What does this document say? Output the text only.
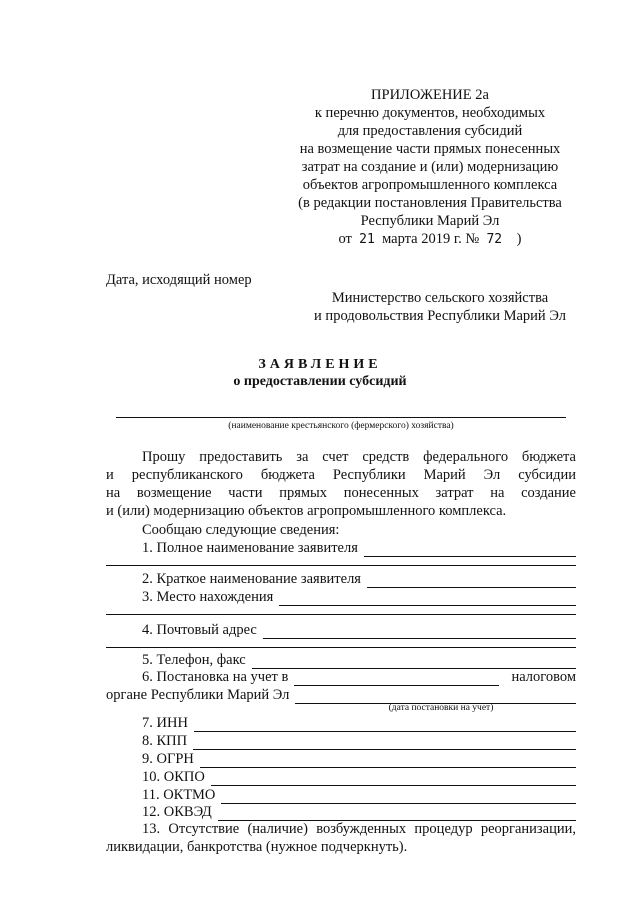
ПРИЛОЖЕНИЕ 2а
к перечню документов, необходимых
для предоставления субсидий
на возмещение части прямых понесенных
затрат на создание и (или) модернизацию
объектов агропромышленного комплекса
(в редакции постановления Правительства
Республики Марий Эл
от 21 марта 2019 г. № 72 )
Дата, исходящий номер
Министерство сельского хозяйства
и продовольствия Республики Марий Эл
ЗАЯВЛЕНИЕ
о предоставлении субсидий
(наименование крестьянского (фермерского) хозяйства)
Прошу предоставить за счет средств федерального бюджета
и республиканского бюджета Республики Марий Эл субсидии
на возмещение части прямых понесенных затрат на создание
и (или) модернизацию объектов агропромышленного комплекса.
Сообщаю следующие сведения:
1. Полное наименование заявителя
2. Краткое наименование заявителя
3. Место нахождения
4. Почтовый адрес
5. Телефон, факс
6. Постановка на учет в	налоговом
органе Республики Марий Эл
(дата постановки на учет)
7. ИНН
8. КПП
9. ОГРН
10. ОКПО
11. ОКТМО
12. ОКВЭД
13. Отсутствие (наличие) возбужденных процедур реорганизации,
ликвидации, банкротства (нужное подчеркнуть).
